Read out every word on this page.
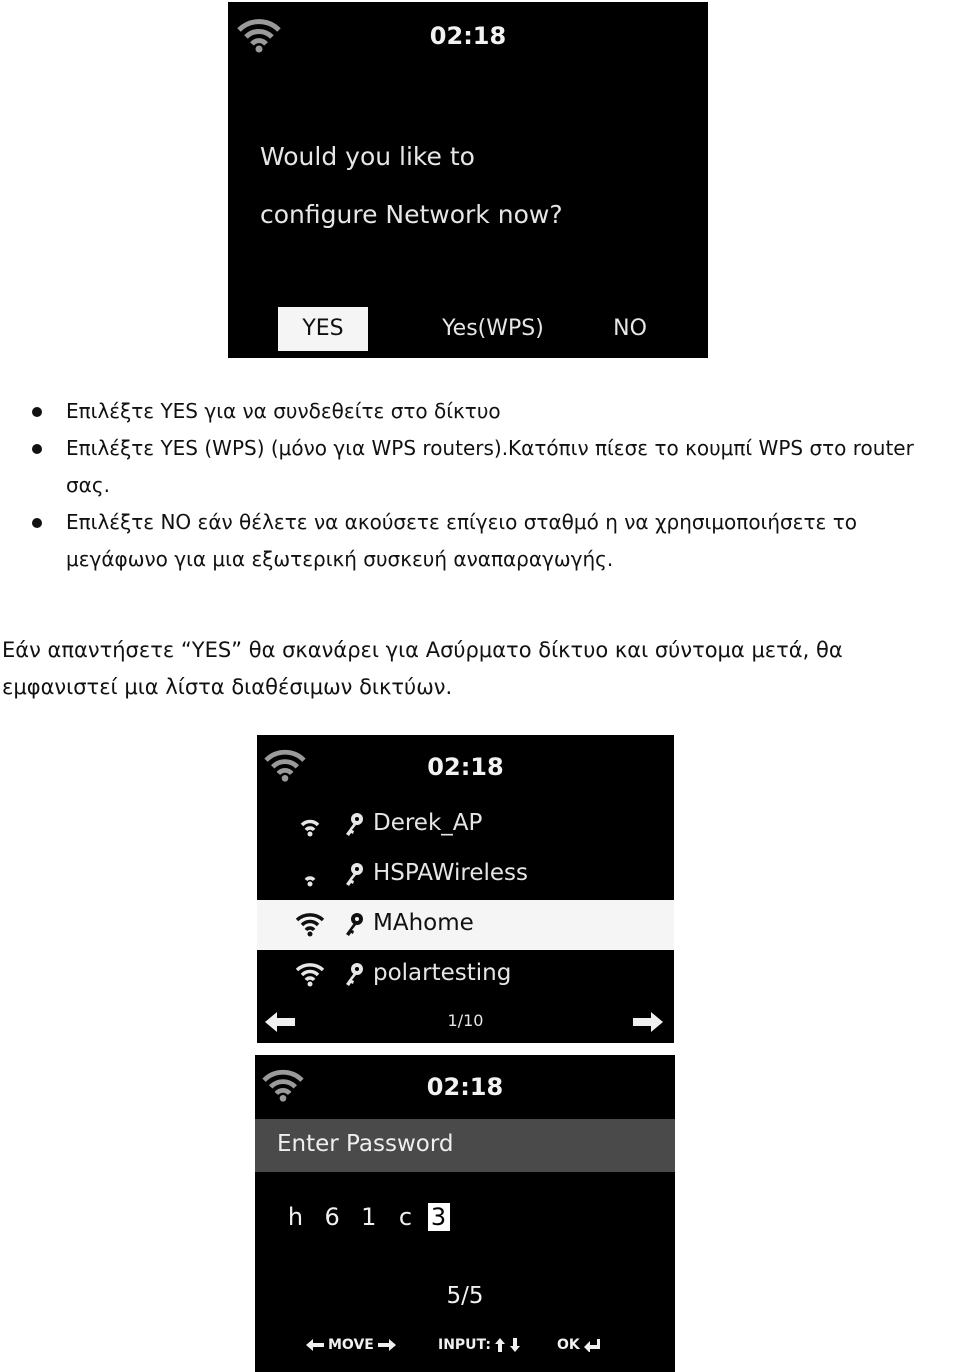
02:18
Would you like to
configure Network now?
YES	Yes(WPS)	NO
Επιλέξτε YES για να συνδεθείτε στο δίκτυο
Επιλέξτε YES (WPS) (μόνο για WPS routers).Κατόπιν πίεσε το κουμπί WPS στο router σας.
Επιλέξτε NO εάν θέλετε να ακούσετε επίγειο σταθμό η να χρησιμοποιήσετε το μεγάφωνο για μια εξωτερική συσκευή αναπαραγωγής.

Εάν απαντήσετε “YES” θα σκανάρει για Ασύρματο δίκτυο και σύντομα μετά, θα εμφανιστεί μια λίστα διαθέσιμων δικτύων.

02:18
Derek_AP
HSPAWireless
MAhome
polartesting
1/10
02:18
Enter Password
h 6 1 c 3
5/5
MOVE	INPUT:	OK
